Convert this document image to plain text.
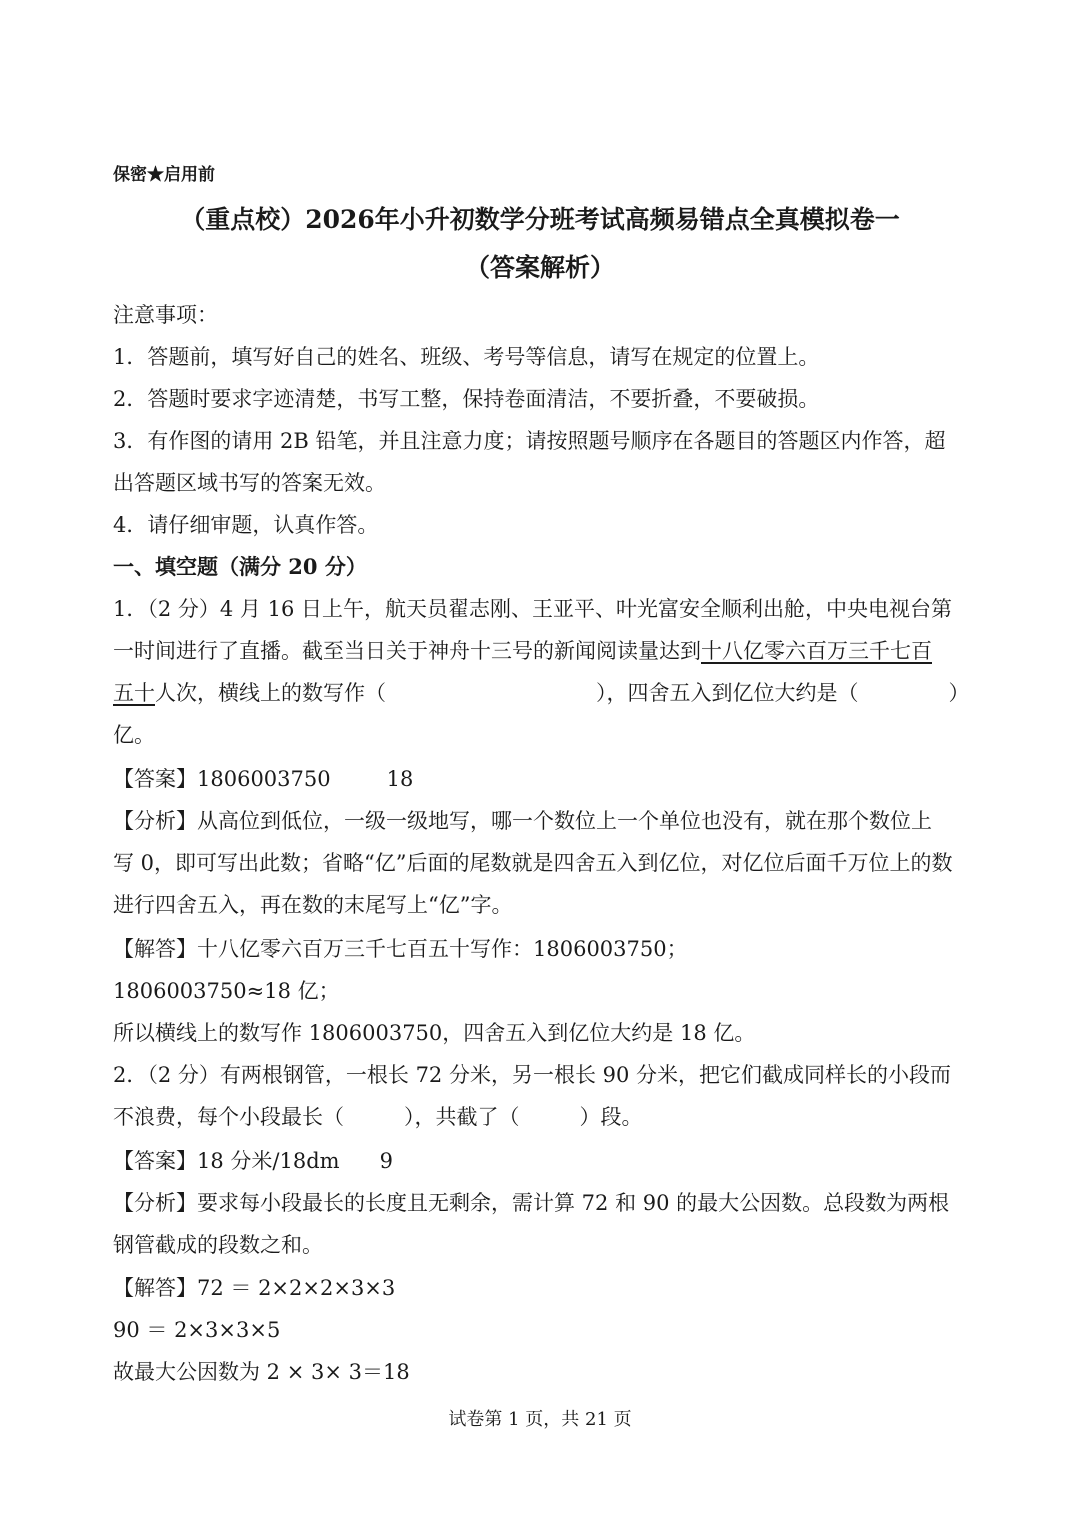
保密★启用前
（重点校）2026年小升初数学分班考试高频易错点全真模拟卷一
（答案解析）
注意事项：
1．答题前，填写好自己的姓名、班级、考号等信息，请写在规定的位置上。
2．答题时要求字迹清楚，书写工整，保持卷面清洁，不要折叠，不要破损。
3．有作图的请用 2B 铅笔，并且注意力度；请按照题号顺序在各题目的答题区内作答，超
出答题区域书写的答案无效。
4．请仔细审题，认真作答。
一、填空题（满分 20 分）
1．（2 分）4 月 16 日上午，航天员翟志刚、王亚平、叶光富安全顺利出舱，中央电视台第
一时间进行了直播。截至当日关于神舟十三号的新闻阅读量达到十八亿零六百万三千七百
五十人次，横线上的数写作（	），四舍五入到亿位大约是（	）
亿。
【答案】1806003750	18
【分析】从高位到低位，一级一级地写，哪一个数位上一个单位也没有，就在那个数位上
写 0，即可写出此数；省略“亿”后面的尾数就是四舍五入到亿位，对亿位后面千万位上的数
进行四舍五入，再在数的末尾写上“亿”字。
【解答】十八亿零六百万三千七百五十写作：1806003750；
1806003750≈18 亿；
所以横线上的数写作 1806003750，四舍五入到亿位大约是 18 亿。
2．（2 分）有两根钢管，一根长 72 分米，另一根长 90 分米，把它们截成同样长的小段而
不浪费，每个小段最长（	），共截了（	）段。
【答案】18 分米/18dm 9
【分析】要求每小段最长的长度且无剩余，需计算 72 和 90 的最大公因数。总段数为两根
钢管截成的段数之和。
【解答】72 ＝ 2×2×2×3×3
90 ＝ 2×3×3×5
故最大公因数为 2 × 3× 3＝18
试卷第 1 页，共 21 页
